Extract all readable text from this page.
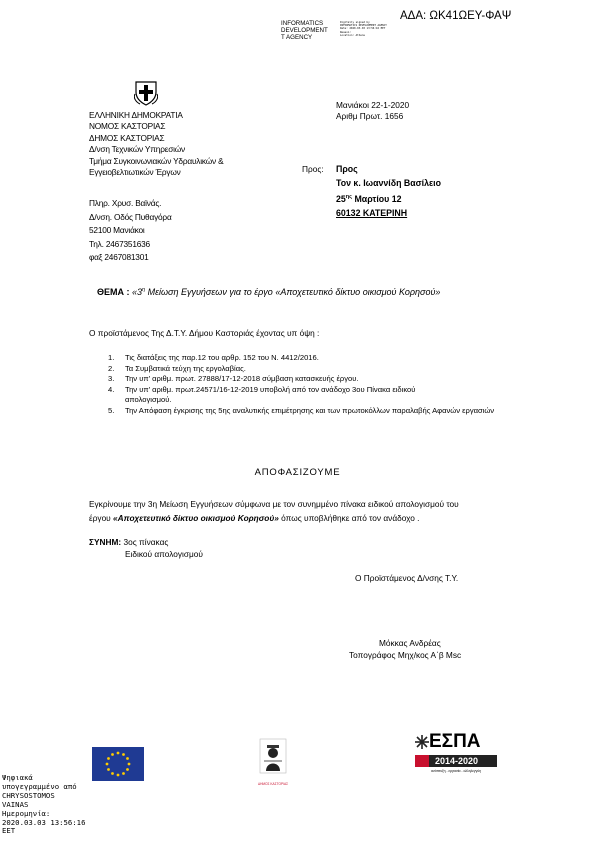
ΑΔΑ: ΩΚ41ΩΕΥ-ΦΑΨ
INFORMATICS
DEVELOPMENT
T AGENCY
Digitally signed by
INFORMATICS DEVELOPMENT AGENCY
Date: 2020.03.03 13:56:16 EET
Reason:
Location: Athens
ΕΛΛΗΝΙΚΗ ΔΗΜΟΚΡΑΤΙΑ
ΝΟΜΟΣ ΚΑΣΤΟΡΙΑΣ
ΔΗΜΟΣ ΚΑΣΤΟΡΙΑΣ
Δ/νση Τεχνικών Υπηρεσιών
Τμήμα Συγκοινωνιακών Υδραυλικών &
Εγγειοβελτιωτικών Έργων
Μανιάκοι 22-1-2020
Αριθμ Πρωτ. 1656
Πληρ. Χρυσ. Βαϊνάς.
Δ/νση. Οδός Πυθαγόρα
52100 Μανιάκοι
Τηλ. 2467351636
φαξ 2467081301
Προς: Προς
Τον κ. Ιωαννίδη Βασίλειο
$25^{\eta\varsigma}$ Μαρτίου 12
60132 ΚΑΤΕΡΙΝΗ
ΘΕΜΑ : «$3^\eta$ Μείωση Εγγυήσεων για το έργο «Αποχετευτικό δίκτυο οικισμού Κορησού»
Ο προϊστάμενος Της Δ.Τ.Υ. Δήμου Καστοριάς έχοντας υπ όψη :
1. Τις διατάξεις της παρ.12 του αρθρ. 152 του Ν. 4412/2016.
2. Τα Συμβατικά τεύχη της εργολαβίας.
3. Την υπ' αριθμ. πρωτ. 27888/17-12-2018 σύμβαση κατασκευής έργου.
4. Την υπ' αριθμ. πρωτ.24571/16-12-2019 υποβολή από τον ανάδοχο 3ου Πίνακα ειδικού απολογισμού.
5. Την Απόφαση έγκρισης της 5ης αναλυτικής επιμέτρησης και των πρωτοκόλλων παραλαβής Αφανών εργασιών
ΑΠΟΦΑΣΙΖΟΥΜΕ
Εγκρίνουμε την 3η Μείωση Εγγυήσεων σύμφωνα με τον συνημμένο πίνακα ειδικού απολογισμού του
έργου «Αποχετευτικό δίκτυο οικισμού Κορησού» όπως υποβλήθηκε από τον ανάδοχο .
ΣΥΝΗΜ: 3ος πίνακας
Ειδικού απολογισμού
Ο Προϊστάμενος Δ/νσης Τ.Υ.
Μόκκας Ανδρέας
Τοπογράφος Μηχ/κος Α΄β Msc
ΔΗΜΟΣ ΚΑΣΤΟΡΙΑΣ
ΕΣΠΑ
2014-2020
ανάπτυξη - εργασία - αλληλεγγύη
Ψηφιακά
υπογεγραμμένο από
CHRYSOSTOMOS
VAINAS
Ημερομηνία:
2020.03.03 13:56:16
EET
